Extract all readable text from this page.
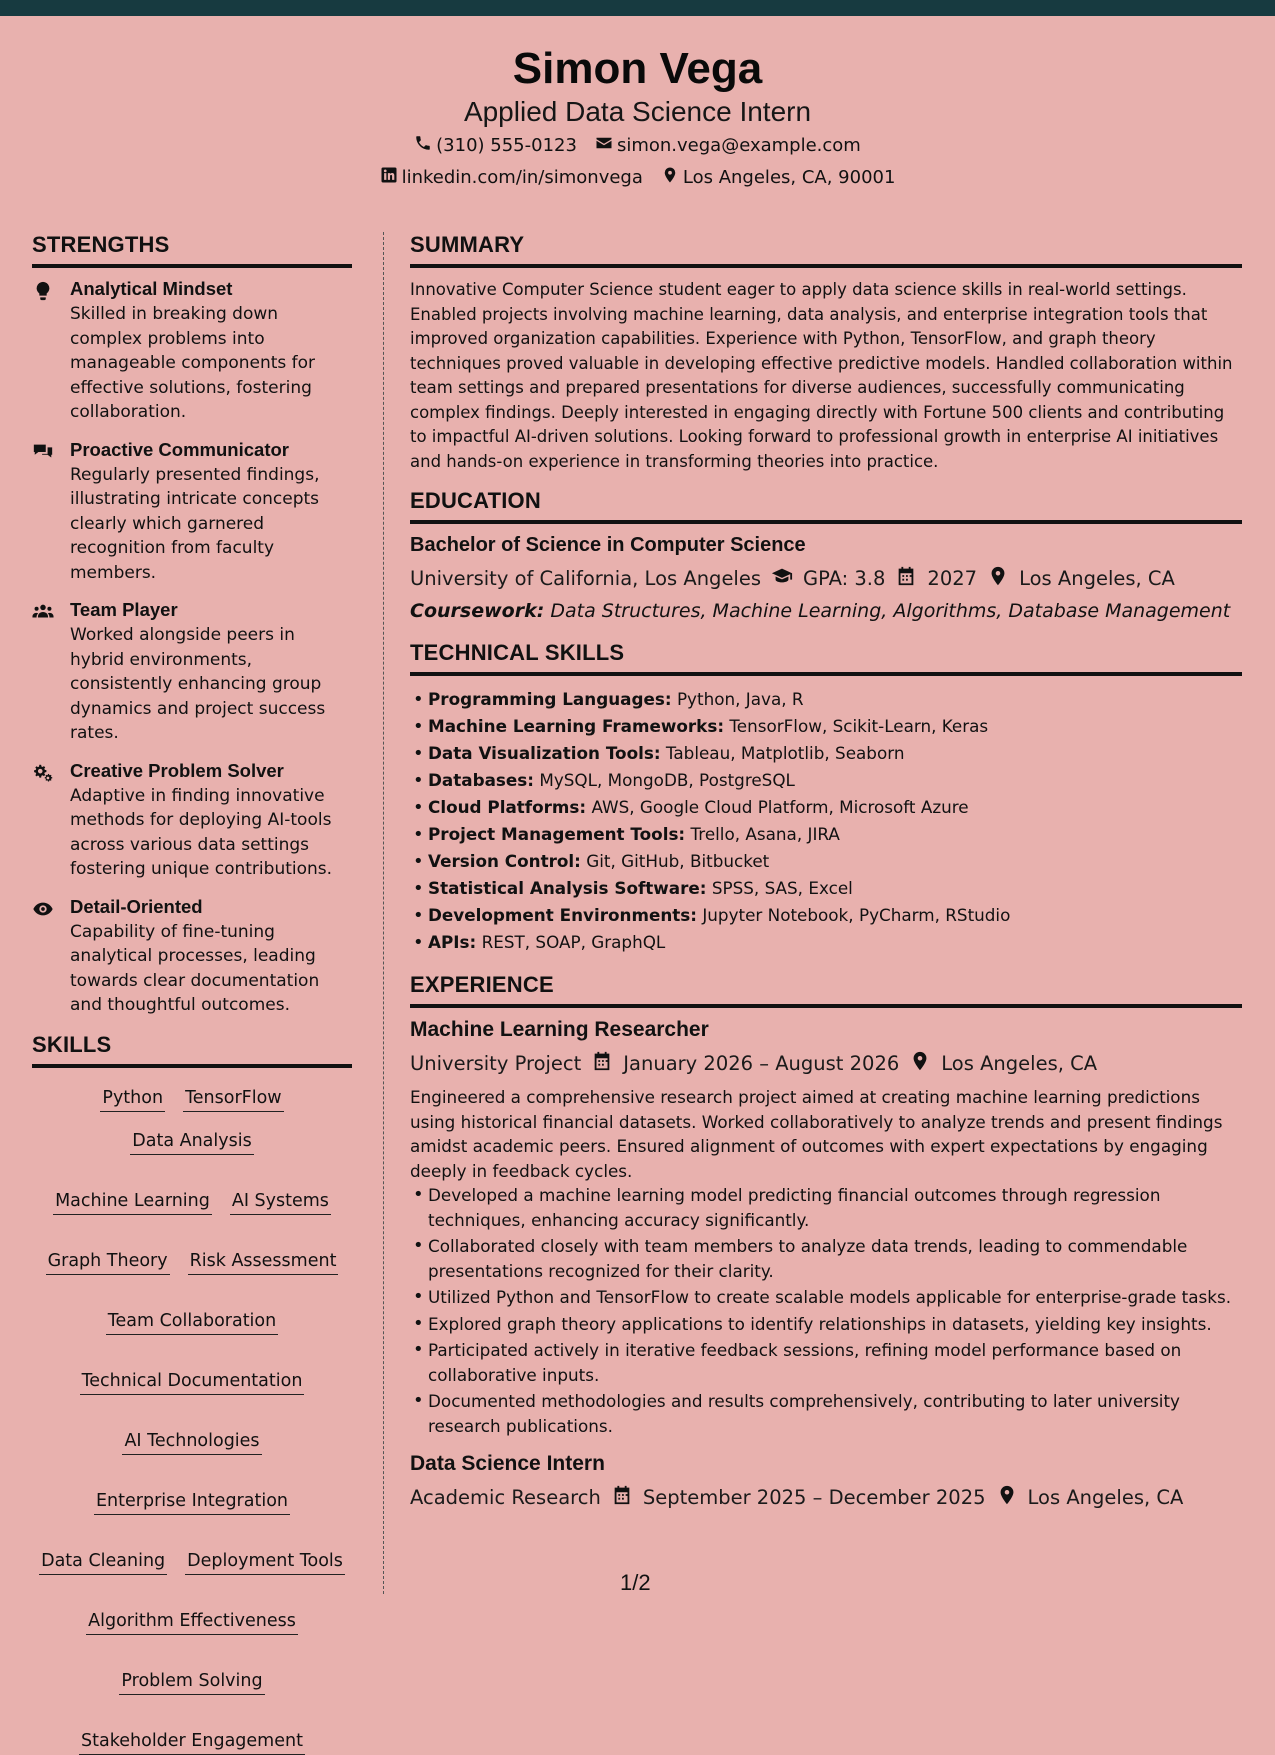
Simon Vega
Applied Data Science Intern
(310) 555-0123 simon.vega@example.com
linkedin.com/in/simonvega Los Angeles, CA, 90001
STRENGTHS
Analytical Mindset
Skilled in breaking down complex problems into manageable components for effective solutions, fostering collaboration.
Proactive Communicator
Regularly presented findings, illustrating intricate concepts clearly which garnered recognition from faculty members.
Team Player
Worked alongside peers in hybrid environments, consistently enhancing group dynamics and project success rates.
Creative Problem Solver
Adaptive in finding innovative methods for deploying AI-tools across various data settings fostering unique contributions.
Detail-Oriented
Capability of fine-tuning analytical processes, leading towards clear documentation and thoughtful outcomes.
SKILLS
Python TensorFlow
Data Analysis
Machine Learning AI Systems
Graph Theory Risk Assessment
Team Collaboration
Technical Documentation
AI Technologies
Enterprise Integration
Data Cleaning Deployment Tools
Algorithm Effectiveness
Problem Solving
Stakeholder Engagement
SUMMARY
Innovative Computer Science student eager to apply data science skills in real-world settings. Enabled projects involving machine learning, data analysis, and enterprise integration tools that improved organization capabilities. Experience with Python, TensorFlow, and graph theory techniques proved valuable in developing effective predictive models. Handled collaboration within team settings and prepared presentations for diverse audiences, successfully communicating complex findings. Deeply interested in engaging directly with Fortune 500 clients and contributing to impactful AI-driven solutions. Looking forward to professional growth in enterprise AI initiatives and hands-on experience in transforming theories into practice.
EDUCATION
Bachelor of Science in Computer Science
University of California, Los Angeles GPA: 3.8 2027 Los Angeles, CA
Coursework: Data Structures, Machine Learning, Algorithms, Database Management
TECHNICAL SKILLS
• Programming Languages: Python, Java, R
• Machine Learning Frameworks: TensorFlow, Scikit-Learn, Keras
• Data Visualization Tools: Tableau, Matplotlib, Seaborn
• Databases: MySQL, MongoDB, PostgreSQL
• Cloud Platforms: AWS, Google Cloud Platform, Microsoft Azure
• Project Management Tools: Trello, Asana, JIRA
• Version Control: Git, GitHub, Bitbucket
• Statistical Analysis Software: SPSS, SAS, Excel
• Development Environments: Jupyter Notebook, PyCharm, RStudio
• APIs: REST, SOAP, GraphQL
EXPERIENCE
Machine Learning Researcher
University Project January 2026 – August 2026 Los Angeles, CA
Engineered a comprehensive research project aimed at creating machine learning predictions using historical financial datasets. Worked collaboratively to analyze trends and present findings amidst academic peers. Ensured alignment of outcomes with expert expectations by engaging deeply in feedback cycles.
• Developed a machine learning model predicting financial outcomes through regression techniques, enhancing accuracy significantly.
• Collaborated closely with team members to analyze data trends, leading to commendable presentations recognized for their clarity.
• Utilized Python and TensorFlow to create scalable models applicable for enterprise-grade tasks.
• Explored graph theory applications to identify relationships in datasets, yielding key insights.
• Participated actively in iterative feedback sessions, refining model performance based on collaborative inputs.
• Documented methodologies and results comprehensively, contributing to later university research publications.
Data Science Intern
Academic Research September 2025 – December 2025 Los Angeles, CA
1/2
